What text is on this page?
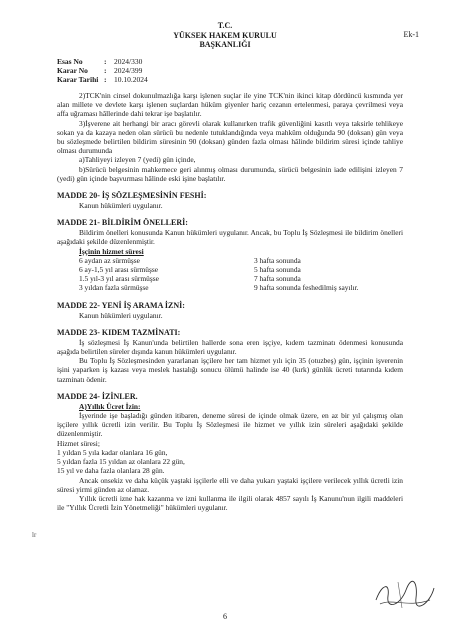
T.C.
YÜKSEK HAKEM KURULU
BAŞKANLIĞI
Ek-1
Esas No	:	2024/330
Karar No	:	2024/399
Karar Tarihi :	10.10.2024

2)TCK'nin cinsel dokunulmazlığa karşı işlenen suçlar ile yine TCK'nin ikinci kitap dördüncü kısmında yer alan millete ve devlete karşı işlenen suçlardan hüküm giyenler hariç cezanın ertelenmesi, paraya çevrilmesi veya affa uğraması hâllerinde dahi tekrar işe başlatılır.

3)İşverene ait herhangi bir aracı görevli olarak kullanırken trafik güvenliğini kasıtlı veya taksirle tehlikeye sokan ya da kazaya neden olan sürücü bu nedenle tutuklandığında veya mahkûm olduğunda 90 (doksan) gün veya bu sözleşmede belirtilen bildirim süresinin 90 (doksan) günden fazla olması hâlinde bildirim süresi içinde tahliye olması durumunda

a)Tahliyeyi izleyen 7 (yedi) gün içinde,

b)Sürücü belgesinin mahkemece geri alınmış olması durumunda, sürücü belgesinin iade edilişini izleyen 7 (yedi) gün içinde başvurması hâlinde eski işine başlatılır.

MADDE 20- İŞ SÖZLEŞMESİNİN FESHİ:

Kanun hükümleri uygulanır.

MADDE 21- BİLDİRİM ÖNELLERİ:

Bildirim önelleri konusunda Kanun hükümleri uygulanır. Ancak, bu Toplu İş Sözleşmesi ile bildirim önelleri aşağıdaki şekilde düzenlenmiştir.

İşçinin hizmet süresi

6 aydan az sürmüşse	3 hafta sonunda
6 ay-1,5 yıl arası sürmüşse	5 hafta sonunda
1.5 yıl-3 yıl arası sürmüşse	7 hafta sonunda
3 yıldan fazla sürmüşse	9 hafta sonunda feshedilmiş sayılır.

MADDE 22- YENİ İŞ ARAMA İZNİ:

Kanun hükümleri uygulanır.

MADDE 23- KIDEM TAZMİNATI:

İş sözleşmesi İş Kanun'unda belirtilen hallerde sona eren işçiye, kıdem tazminatı ödenmesi konusunda aşağıda belirtilen süreler dışında kanun hükümleri uygulanır.

Bu Toplu İş Sözleşmesinden yararlanan işçilere her tam hizmet yılı için 35 (otuzbeş) gün, işçinin işverenin işini yaparken iş kazası veya meslek hastalığı sonucu ölümü halinde ise 40 (kırk) günlük ücreti tutarında kıdem tazminatı ödenir.

MADDE 24- İZİNLER.

A)Yıllık Ücret İzin:

İşyerinde işe başladığı günden itibaren, deneme süresi de içinde olmak üzere, en az bir yıl çalışmış olan işçilere yıllık ücretli izin verilir. Bu Toplu İş Sözleşmesi ile hizmet ve yıllık izin süreleri aşağıdaki şekilde düzenlenmiştir.

Hizmet süresi;

1 yıldan 5 yıla kadar olanlara 16 gün,

5 yıldan fazla 15 yıldan az olanlara 22 gün,

15 yıl ve daha fazla olanlara 28 gün.

Ancak onsekiz ve daha küçük yaştaki işçilerle elli ve daha yukarı yaştaki işçilere verilecek yıllık ücretli izin süresi yirmi günden az olamaz.

Yıllık ücretli izne hak kazanma ve izni kullanma ile ilgili olarak 4857 sayılı İş Kanunu'nun ilgili maddeleri ile "Yıllık Ücretli İzin Yönetmeliği" hükümleri uygulanır.

lr
6
